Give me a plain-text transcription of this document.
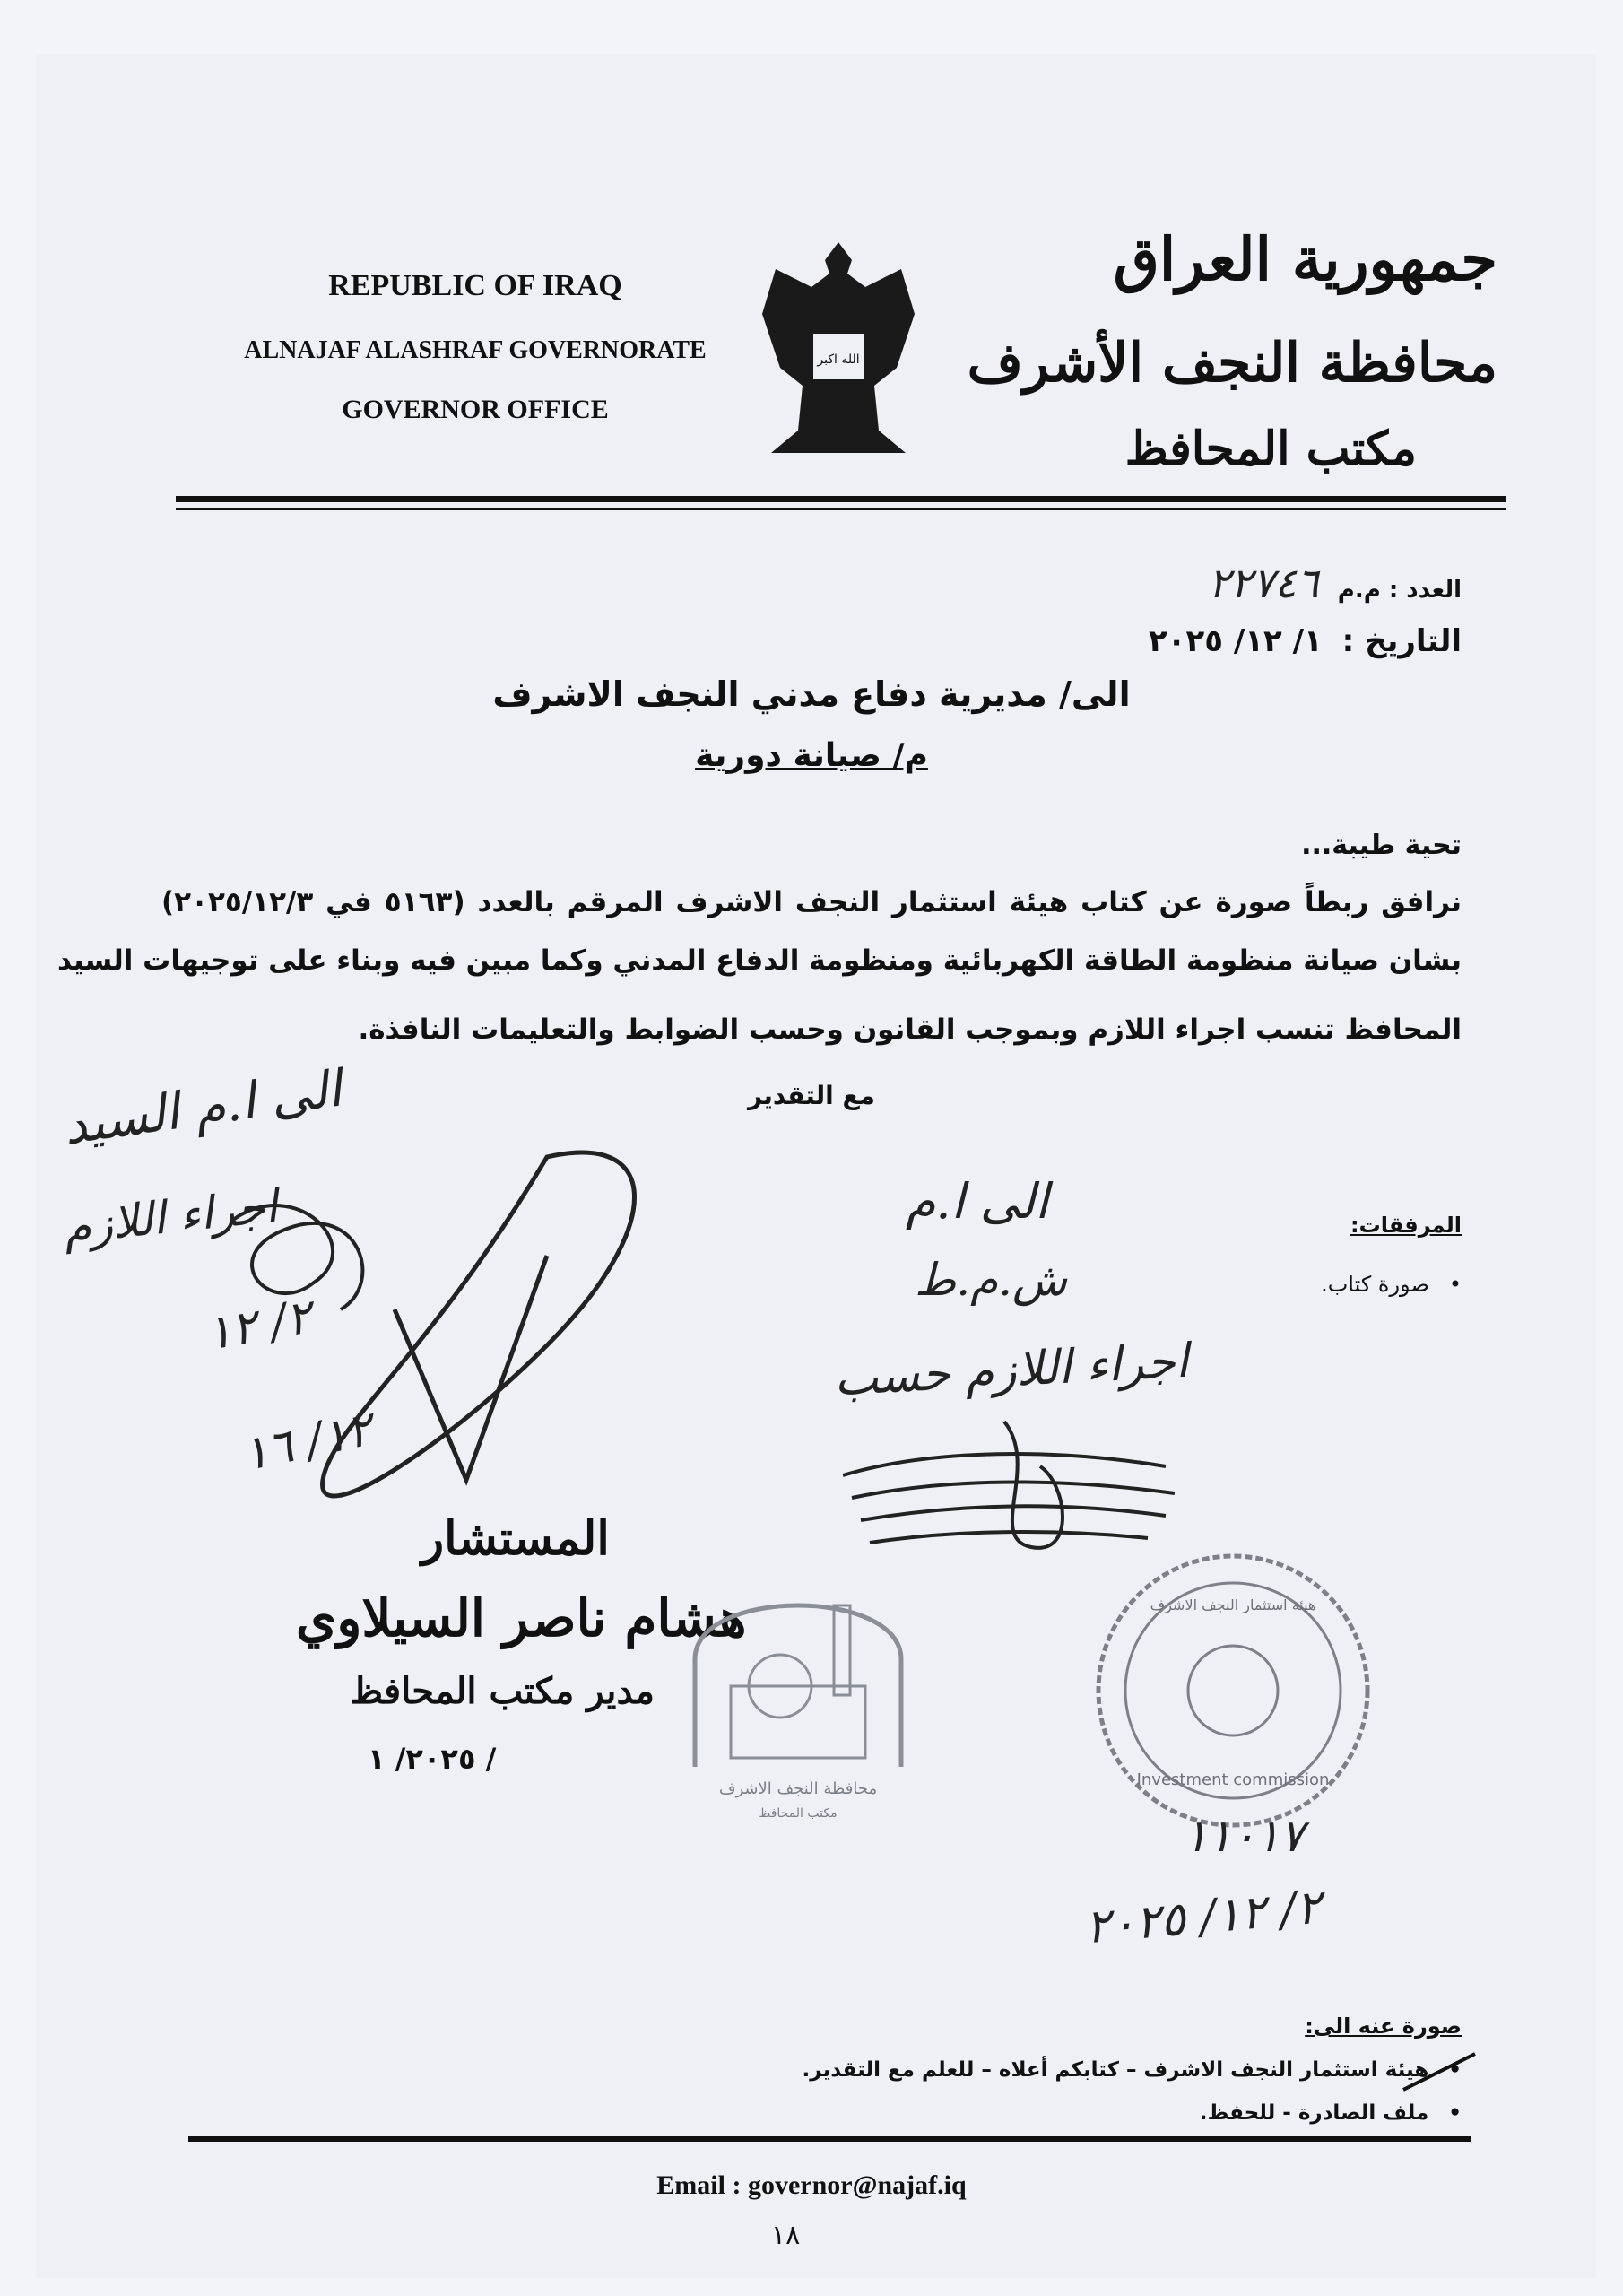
REPUBLIC OF IRAQ
ALNAJAF ALASHRAF GOVERNORATE
GOVERNOR OFFICE
الله اكبر
جمهورية العراق
محافظة النجف الأشرف
مكتب المحافظ
العدد : م.م ٢٢٧٤٦
التاريخ : ١/ ١٢/ ٢٠٢٥
الى/ مديرية دفاع مدني النجف الاشرف
م/ صيانة دورية
تحية طيبة...
نرافق ربطاً صورة عن كتاب هيئة استثمار النجف الاشرف المرقم بالعدد (٥١٦٣ في ٢٠٢٥/١٢/٣)
بشان صيانة منظومة الطاقة الكهربائية ومنظومة الدفاع المدني وكما مبين فيه وبناء على توجيهات السيد
المحافظ تنسب اجراء اللازم وبموجب القانون وحسب الضوابط والتعليمات النافذة.
مع التقدير
المرفقات:
• صورة كتاب.
الى ا.م السيد
اجراء اللازم
٢/ ١٢
١٢/ ١٦
الى ا.م
ش.م.ط
اجراء اللازم حسب
المستشار
هشام ناصر السيلاوي
مدير مكتب المحافظ
/ ٢٠٢٥/ ١
محافظة النجف الاشرف
مكتب المحافظ
هيئة استثمار النجف الاشرف
Investment commission
١١٠١٧
٢/ ١٢/ ٢٠٢٥
صورة عنه الى:
• هيئة استثمار النجف الاشرف – كتابكم أعلاه – للعلم مع التقدير.
• ملف الصادرة - للحفظ.
Email : governor@najaf.iq
١٨
